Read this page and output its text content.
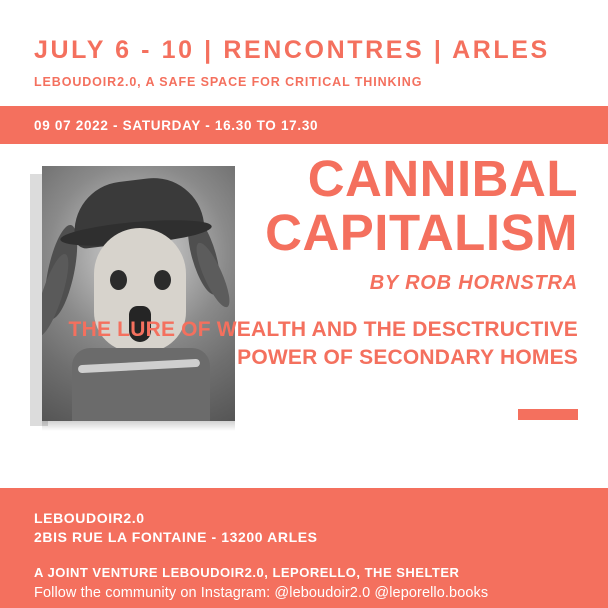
JULY 6 - 10 | RENCONTRES | ARLES
LEBOUDOIR2.0, A SAFE SPACE FOR CRITICAL THINKING
09 07 2022 - SATURDAY - 16.30 TO 17.30
CANNIBAL
CAPITALISM
BY ROB HORNSTRA
THE LURE OF WEALTH AND THE DESCTRUCTIVE
POWER OF SECONDARY HOMES
LEBOUDOIR2.0
2BIS RUE LA FONTAINE - 13200 ARLES
A JOINT VENTURE LEBOUDOIR2.0, LEPORELLO, THE SHELTER
Follow the community on Instagram: @leboudoir2.0 @leporello.books
